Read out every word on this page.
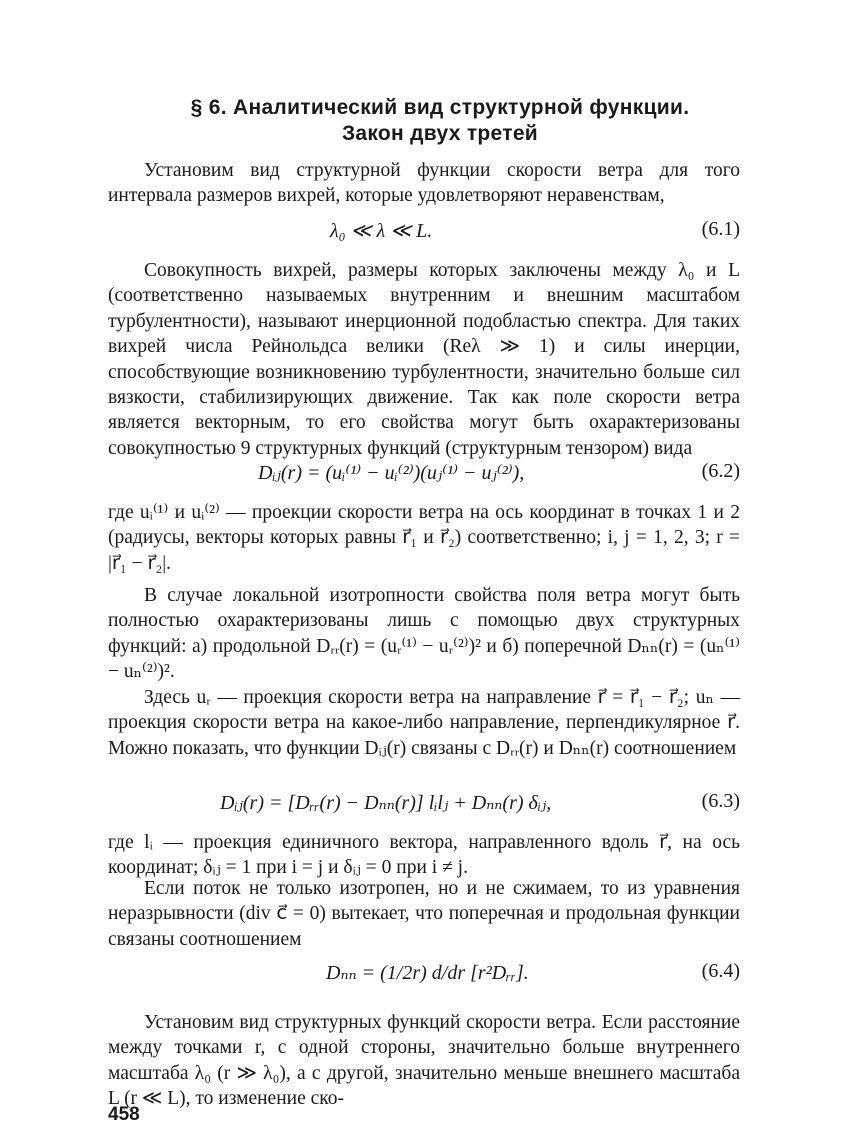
§ 6. Аналитический вид структурной функции.
Закон двух третей
Установим вид структурной функции скорости ветра для того интервала размеров вихрей, которые удовлетворяют неравенствам,
λ₀ ≪ λ ≪ L.	(6.1)
Совокупность вихрей, размеры которых заключены между λ₀ и L (соответственно называемых внутренним и внешним масштабом турбулентности), называют инерционной подобластью спектра. Для таких вихрей числа Рейнольдса велики (Reλ ≫ 1) и силы инерции, способствующие возникновению турбулентности, значительно больше сил вязкости, стабилизирующих движение. Так как поле скорости ветра является векторным, то его свойства могут быть охарактеризованы совокупностью 9 структурных функций (структурным тензором) вида
Dᵢⱼ(r) = (uᵢ⁽¹⁾ − uᵢ⁽²⁾)(uⱼ⁽¹⁾ − uⱼ⁽²⁾),	(6.2)
где uᵢ⁽¹⁾ и uᵢ⁽²⁾ — проекции скорости ветра на ось координат в точках 1 и 2 (радиусы, векторы которых равны r⃗₁ и r⃗₂) соответственно; i, j = 1, 2, 3; r = |r⃗₁ − r⃗₂|.
В случае локальной изотропности свойства поля ветра могут быть полностью охарактеризованы лишь с помощью двух структурных функций: а) продольной Dᵣᵣ(r) = (uᵣ⁽¹⁾ − uᵣ⁽²⁾)² и б) поперечной Dₙₙ(r) = (uₙ⁽¹⁾ − uₙ⁽²⁾)².
Здесь uᵣ — проекция скорости ветра на направление r⃗ = r⃗₁ − r⃗₂; uₙ — проекция скорости ветра на какое-либо направление, перпендикулярное r⃗. Можно показать, что функции Dᵢⱼ(r) связаны с Dᵣᵣ(r) и Dₙₙ(r) соотношением
Dᵢⱼ(r) = [Dᵣᵣ(r) − Dₙₙ(r)] lᵢlⱼ + Dₙₙ(r) δᵢⱼ,	(6.3)
где lᵢ — проекция единичного вектора, направленного вдоль r⃗, на ось координат; δᵢⱼ = 1 при i = j и δᵢⱼ = 0 при i ≠ j.
Если поток не только изотропен, но и не сжимаем, то из уравнения неразрывности (div c⃗ = 0) вытекает, что поперечная и продольная функции связаны соотношением
Dₙₙ = (1/2r) d/dr [r²Dᵣᵣ].	(6.4)
Установим вид структурных функций скорости ветра. Если расстояние между точками r, с одной стороны, значительно больше внутреннего масштаба λ₀ (r ≫ λ₀), а с другой, значительно меньше внешнего масштаба L (r ≪ L), то изменение ско-
458
